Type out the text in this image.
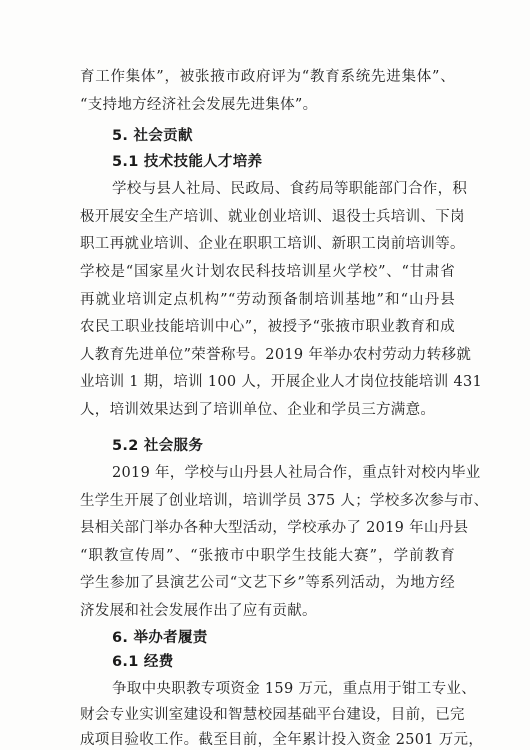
育工作集体”，被张掖市政府评为“教育系统先进集体”、
“支持地方经济社会发展先进集体”。
5. 社会贡献
5.1 技术技能人才培养
学校与县人社局、民政局、食药局等职能部门合作，积
极开展安全生产培训、就业创业培训、退役士兵培训、下岗
职工再就业培训、企业在职职工培训、新职工岗前培训等。
学校是“国家星火计划农民科技培训星火学校”、“甘肃省
再就业培训定点机构”“劳动预备制培训基地”和“山丹县
农民工职业技能培训中心”，被授予“张掖市职业教育和成
人教育先进单位”荣誉称号。2019 年举办农村劳动力转移就
业培训 1 期，培训 100 人，开展企业人才岗位技能培训 431
人，培训效果达到了培训单位、企业和学员三方满意。
5.2 社会服务
2019 年，学校与山丹县人社局合作，重点针对校内毕业
生学生开展了创业培训，培训学员 375 人；学校多次参与市、
县相关部门举办各种大型活动，学校承办了 2019 年山丹县
“职教宣传周”、“张掖市中职学生技能大赛”，学前教育
学生参加了县演艺公司“文艺下乡”等系列活动，为地方经
济发展和社会发展作出了应有贡献。
6. 举办者履责
6.1 经费
争取中央职教专项资金 159 万元，重点用于钳工专业、
财会专业实训室建设和智慧校园基础平台建设，目前，已完
成项目验收工作。截至目前，全年累计投入资金 2501 万元，
